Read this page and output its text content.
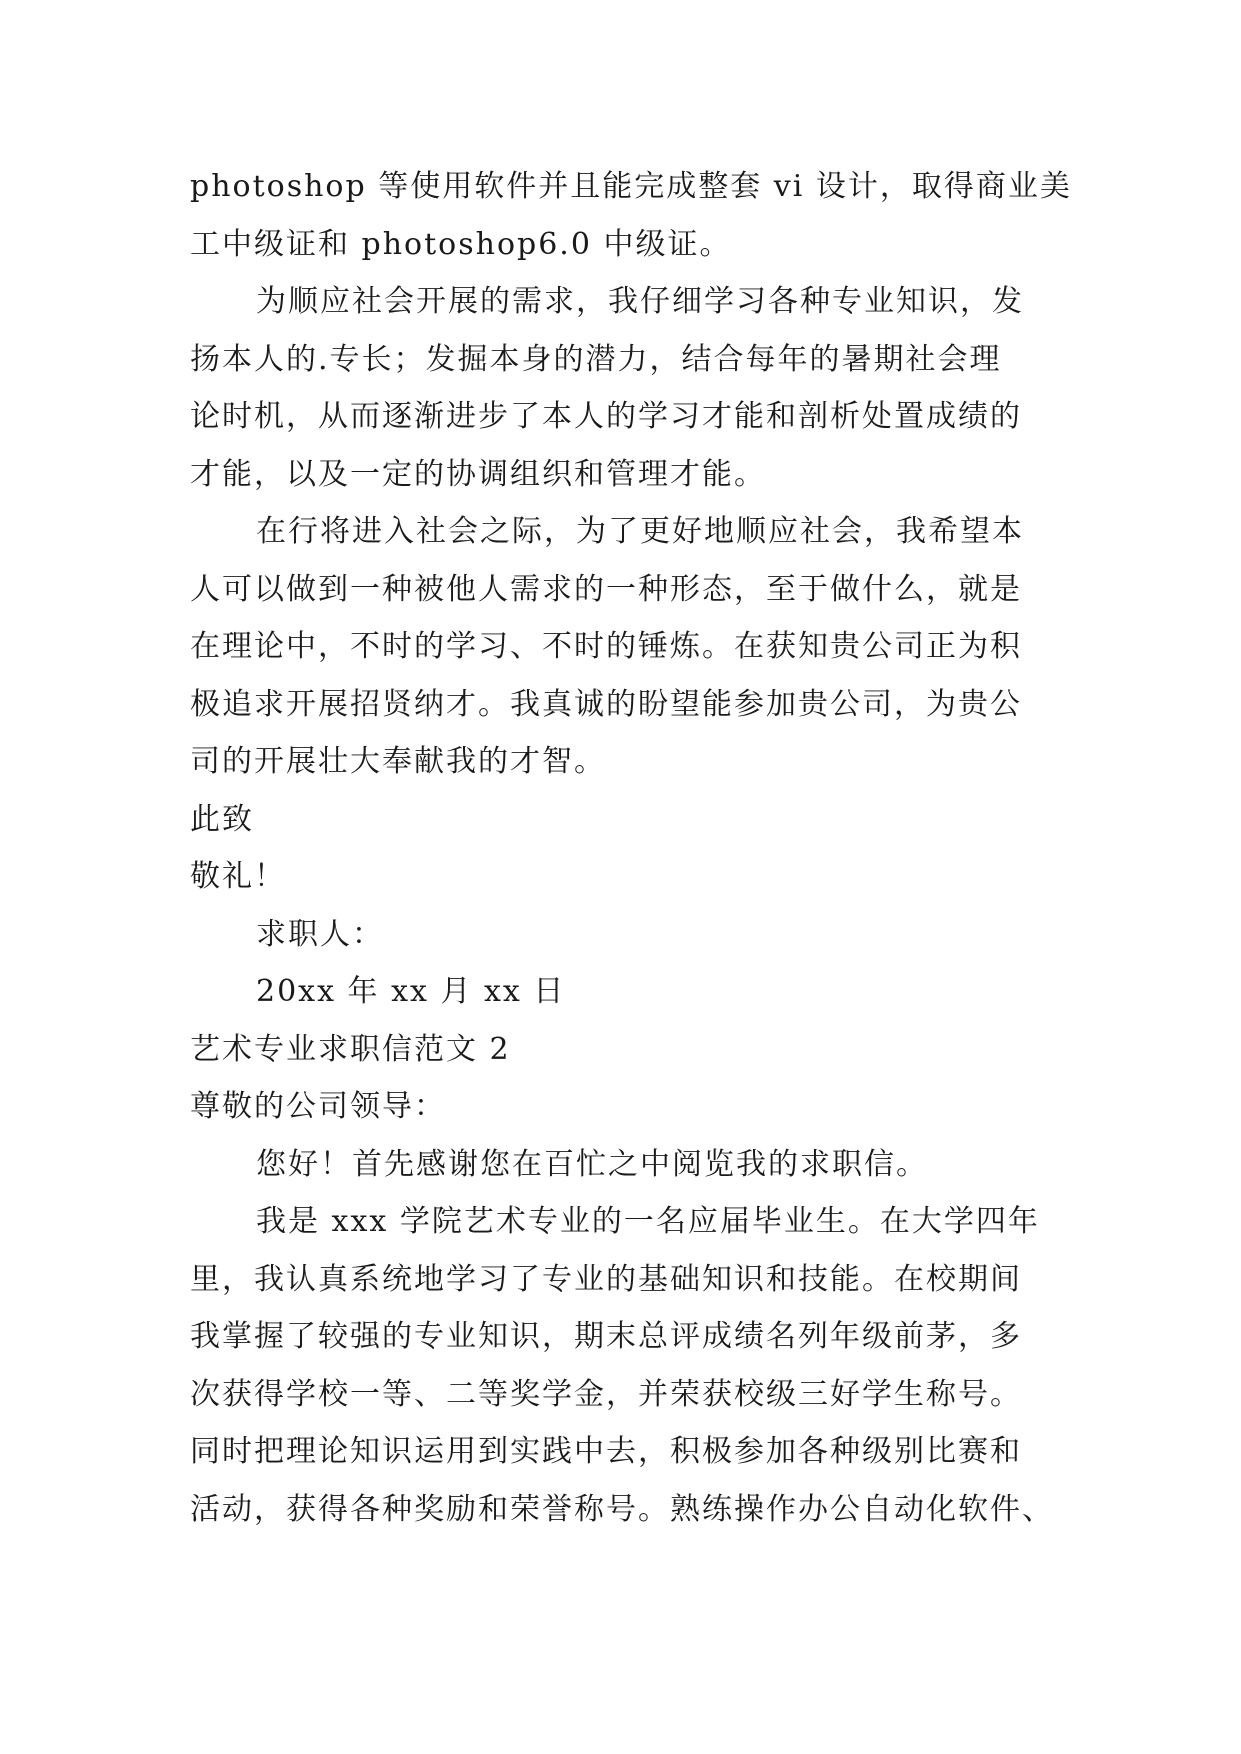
photoshop 等使用软件并且能完成整套 vi 设计，取得商业美
工中级证和 photoshop6.0 中级证。
为顺应社会开展的需求，我仔细学习各种专业知识，发
扬本人的.专长；发掘本身的潜力，结合每年的暑期社会理
论时机，从而逐渐进步了本人的学习才能和剖析处置成绩的
才能，以及一定的协调组织和管理才能。
在行将进入社会之际，为了更好地顺应社会，我希望本
人可以做到一种被他人需求的一种形态，至于做什么，就是
在理论中，不时的学习、不时的锤炼。在获知贵公司正为积
极追求开展招贤纳才。我真诚的盼望能参加贵公司，为贵公
司的开展壮大奉献我的才智。
此致
敬礼！
求职人：
20xx 年 xx 月 xx 日
艺术专业求职信范文 2
尊敬的公司领导：
您好！首先感谢您在百忙之中阅览我的求职信。
我是 xxx 学院艺术专业的一名应届毕业生。在大学四年
里，我认真系统地学习了专业的基础知识和技能。在校期间
我掌握了较强的专业知识，期末总评成绩名列年级前茅，多
次获得学校一等、二等奖学金，并荣获校级三好学生称号。
同时把理论知识运用到实践中去，积极参加各种级别比赛和
活动，获得各种奖励和荣誉称号。熟练操作办公自动化软件、
